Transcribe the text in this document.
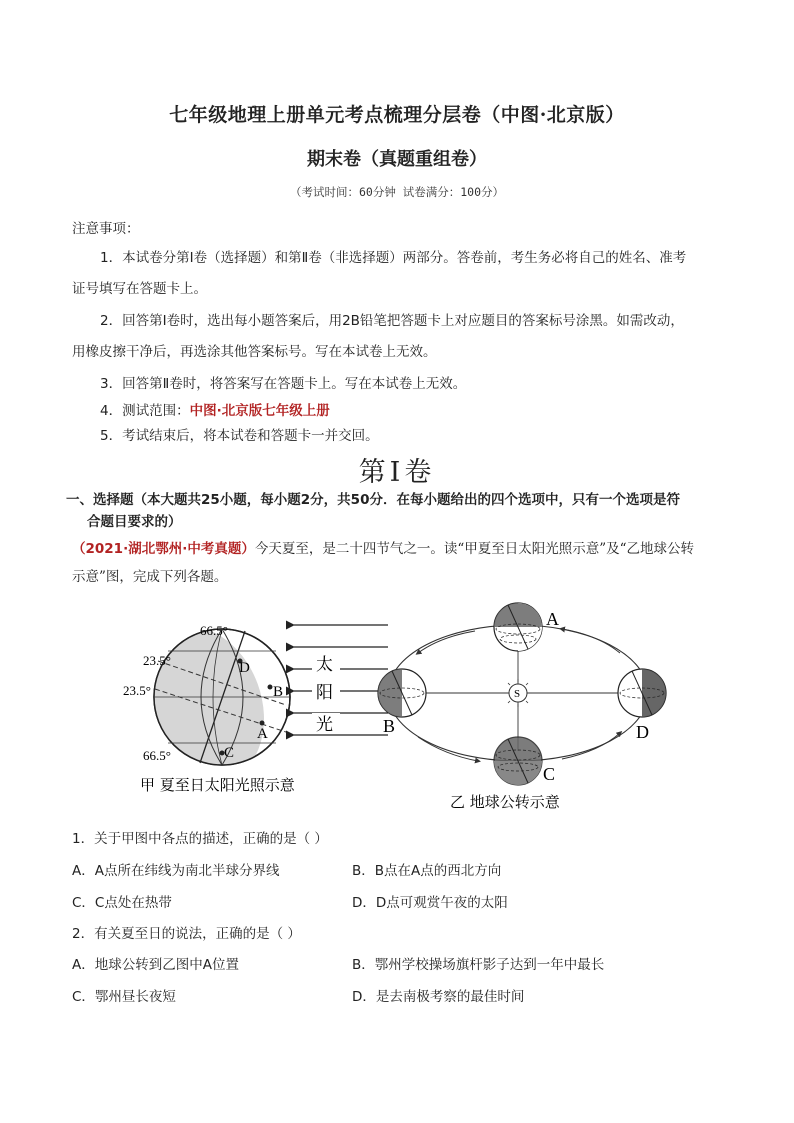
七年级地理上册单元考点梳理分层卷（中图·北京版）
期末卷（真题重组卷）
（考试时间：60分钟 试卷满分：100分）
注意事项：
1．本试卷分第Ⅰ卷（选择题）和第Ⅱ卷（非选择题）两部分。答卷前，考生务必将自己的姓名、准考
证号填写在答题卡上。
2．回答第Ⅰ卷时，选出每小题答案后，用2B铅笔把答题卡上对应题目的答案标号涂黑。如需改动，
用橡皮擦干净后，再选涂其他答案标号。写在本试卷上无效。
3．回答第Ⅱ卷时，将答案写在答题卡上。写在本试卷上无效。
4．测试范围：中图·北京版七年级上册
5．考试结束后，将本试卷和答题卡一并交回。
第Ⅰ卷
一、选择题（本大题共25小题，每小题2分，共50分．在每小题给出的四个选项中，只有一个选项是符
合题目要求的）
（2021·湖北鄂州·中考真题）今天夏至，是二十四节气之一。读“甲夏至日太阳光照示意”及“乙地球公转
示意”图，完成下列各题。
66.5°
23.5°
23.5°
66.5°
D
B
A
C
太
阳
光
甲 夏至日太阳光照示意
A
B
C
D
S
乙 地球公转示意
1．关于甲图中各点的描述，正确的是（ ）
A．A点所在纬线为南北半球分界线	B．B点在A点的西北方向
C．C点处在热带	D．D点可观赏午夜的太阳
2．有关夏至日的说法，正确的是（ ）
A．地球公转到乙图中A位置	B．鄂州学校操场旗杆影子达到一年中最长
C．鄂州昼长夜短	D．是去南极考察的最佳时间
